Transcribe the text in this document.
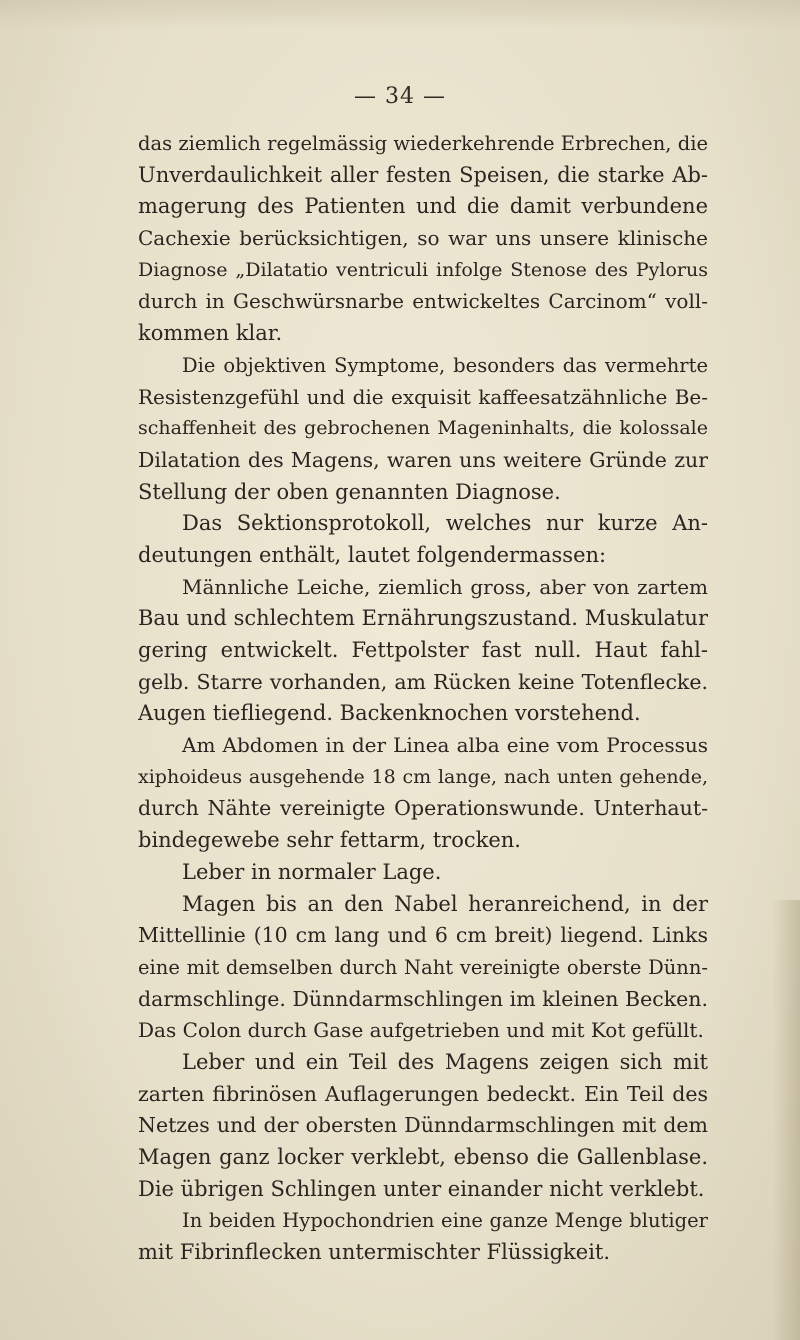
— 34 —
das ziemlich regelmässig wiederkehrende Erbrechen, die
Unverdaulichkeit aller festen Speisen, die starke Ab-
magerung des Patienten und die damit verbundene
Cachexie berücksichtigen, so war uns unsere klinische
Diagnose „Dilatatio ventriculi infolge Stenose des Pylorus
durch in Geschwürsnarbe entwickeltes Carcinom“ voll-
kommen klar.
Die objektiven Symptome, besonders das vermehrte
Resistenzgefühl und die exquisit kaffeesatzähnliche Be-
schaffenheit des gebrochenen Mageninhalts, die kolossale
Dilatation des Magens, waren uns weitere Gründe zur
Stellung der oben genannten Diagnose.
Das Sektionsprotokoll, welches nur kurze An-
deutungen enthält, lautet folgendermassen:
Männliche Leiche, ziemlich gross, aber von zartem
Bau und schlechtem Ernährungszustand. Muskulatur
gering entwickelt. Fettpolster fast null. Haut fahl-
gelb. Starre vorhanden, am Rücken keine Totenflecke.
Augen tiefliegend. Backenknochen vorstehend.
Am Abdomen in der Linea alba eine vom Processus
xiphoideus ausgehende 18 cm lange, nach unten gehende,
durch Nähte vereinigte Operationswunde. Unterhaut-
bindegewebe sehr fettarm, trocken.
Leber in normaler Lage.
Magen bis an den Nabel heranreichend, in der
Mittellinie (10 cm lang und 6 cm breit) liegend. Links
eine mit demselben durch Naht vereinigte oberste Dünn-
darmschlinge. Dünndarmschlingen im kleinen Becken.
Das Colon durch Gase aufgetrieben und mit Kot gefüllt.
Leber und ein Teil des Magens zeigen sich mit
zarten fibrinösen Auflagerungen bedeckt. Ein Teil des
Netzes und der obersten Dünndarmschlingen mit dem
Magen ganz locker verklebt, ebenso die Gallenblase.
Die übrigen Schlingen unter einander nicht verklebt.
In beiden Hypochondrien eine ganze Menge blutiger
mit Fibrinflecken untermischter Flüssigkeit.
